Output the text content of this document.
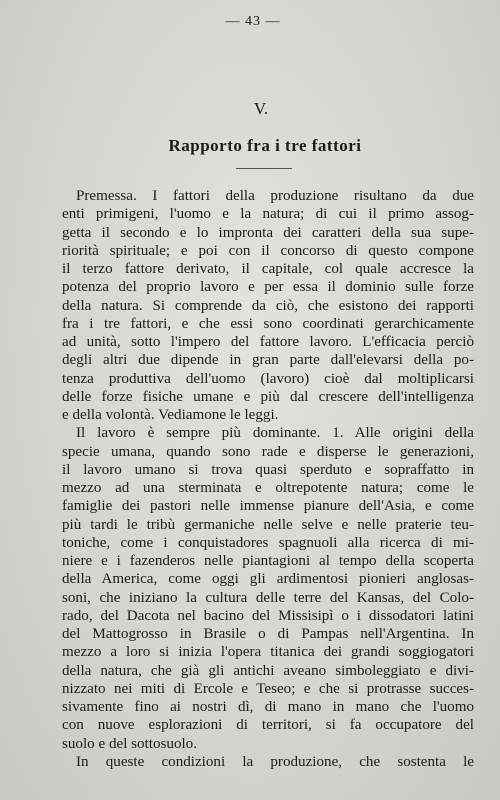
— 43 —
V.
Rapporto fra i tre fattori
Premessa. I fattori della produzione risultano da due
enti primigeni, l'uomo e la natura; di cui il primo assog-
getta il secondo e lo impronta dei caratteri della sua supe-
riorità spirituale; e poi con il concorso di questo compone
il terzo fattore derivato, il capitale, col quale accresce la
potenza del proprio lavoro e per essa il dominio sulle forze
della natura. Si comprende da ciò, che esistono dei rapporti
fra i tre fattori, e che essi sono coordinati gerarchicamente
ad unità, sotto l'impero del fattore lavoro. L'efficacia perciò
degli altri due dipende in gran parte dall'elevarsi della po-
tenza produttiva dell'uomo (lavoro) cioè dal moltiplicarsi
delle forze fisiche umane e più dal crescere dell'intelligenza
e della volontà. Vediamone le leggi.
Il lavoro è sempre più dominante. 1. Alle origini della
specie umana, quando sono rade e disperse le generazioni,
il lavoro umano si trova quasi sperduto e sopraffatto in
mezzo ad una sterminata e oltrepotente natura; come le
famiglie dei pastori nelle immense pianure dell'Asia, e come
più tardi le tribù germaniche nelle selve e nelle praterie teu-
toniche, come i conquistadores spagnuoli alla ricerca di mi-
niere e i fazenderos nelle piantagioni al tempo della scoperta
della America, come oggi gli ardimentosi pionieri anglosas-
soni, che iniziano la cultura delle terre del Kansas, del Colo-
rado, del Dacota nel bacino del Missisipì o i dissodatori latini
del Mattogrosso in Brasile o di Pampas nell'Argentina. In
mezzo a loro si inizia l'opera titanica dei grandi soggiogatori
della natura, che già gli antichi aveano simboleggiato e divi-
nizzato nei miti di Ercole e Teseo; e che si protrasse succes-
sivamente fino ai nostri dì, di mano in mano che l'uomo
con nuove esplorazioni di territori, si fa occupatore del
suolo e del sottosuolo.
In queste condizioni la produzione, che sostenta le
